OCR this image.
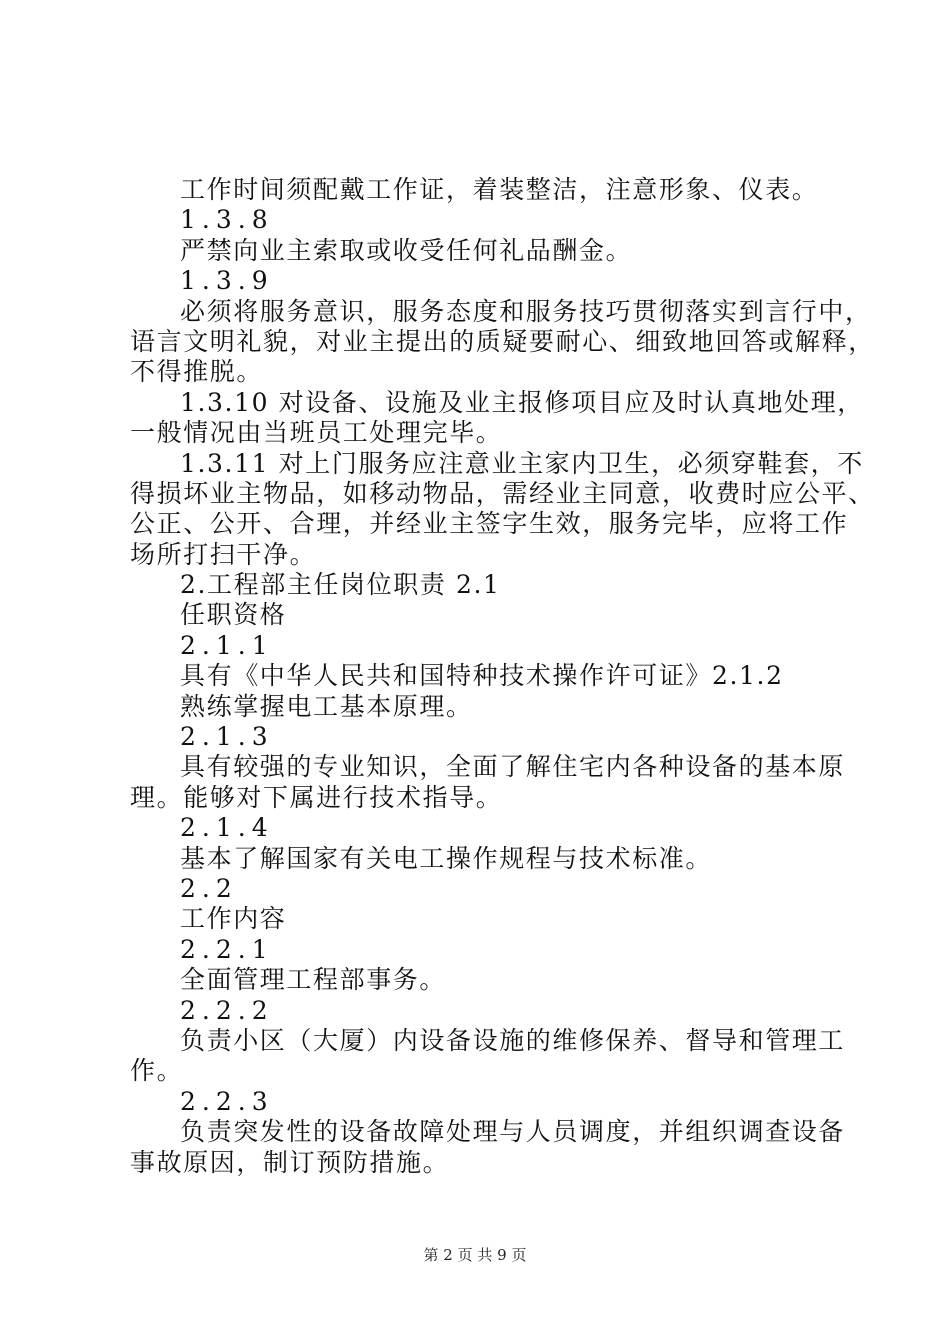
工作时间须配戴工作证，着装整洁，注意形象、仪表。
1.3.8
严禁向业主索取或收受任何礼品酬金。
1.3.9
必须将服务意识，服务态度和服务技巧贯彻落实到言行中，
语言文明礼貌，对业主提出的质疑要耐心、细致地回答或解释，
不得推脱。
1.3.10 对设备、设施及业主报修项目应及时认真地处理，
一般情况由当班员工处理完毕。
1.3.11 对上门服务应注意业主家内卫生，必须穿鞋套，不
得损坏业主物品，如移动物品，需经业主同意，收费时应公平、
公正、公开、合理，并经业主签字生效，服务完毕，应将工作
场所打扫干净。
2.工程部主任岗位职责 2.1
任职资格
2.1.1
具有《中华人民共和国特种技术操作许可证》2.1.2
熟练掌握电工基本原理。
2.1.3
具有较强的专业知识，全面了解住宅内各种设备的基本原
理。能够对下属进行技术指导。
2.1.4
基本了解国家有关电工操作规程与技术标准。
2.2
工作内容
2.2.1
全面管理工程部事务。
2.2.2
负责小区（大厦）内设备设施的维修保养、督导和管理工
作。
2.2.3
负责突发性的设备故障处理与人员调度，并组织调查设备
事故原因，制订预防措施。
第 2 页 共 9 页
